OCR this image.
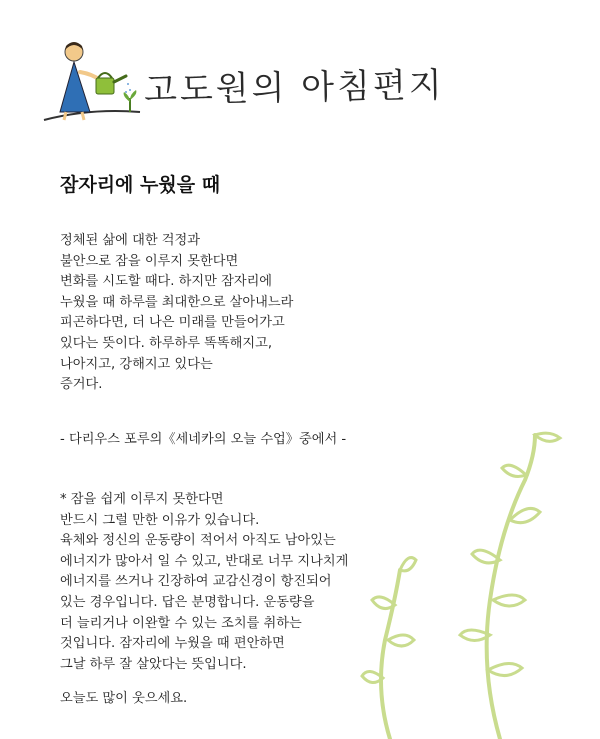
고도원의 아침편지
잠자리에 누웠을 때
정체된 삶에 대한 걱정과
불안으로 잠을 이루지 못한다면
변화를 시도할 때다. 하지만 잠자리에
누웠을 때 하루를 최대한으로 살아내느라
피곤하다면, 더 나은 미래를 만들어가고
있다는 뜻이다. 하루하루 똑똑해지고,
나아지고, 강해지고 있다는
증거다.
- 다리우스 포루의《세네카의 오늘 수업》중에서 -
* 잠을 쉽게 이루지 못한다면
반드시 그럴 만한 이유가 있습니다.
육체와 정신의 운동량이 적어서 아직도 남아있는
에너지가 많아서 일 수 있고, 반대로 너무 지나치게
에너지를 쓰거나 긴장하여 교감신경이 항진되어
있는 경우입니다. 답은 분명합니다. 운동량을
더 늘리거나 이완할 수 있는 조치를 취하는
것입니다. 잠자리에 누웠을 때 편안하면
그날 하루 잘 살았다는 뜻입니다.
오늘도 많이 웃으세요.
